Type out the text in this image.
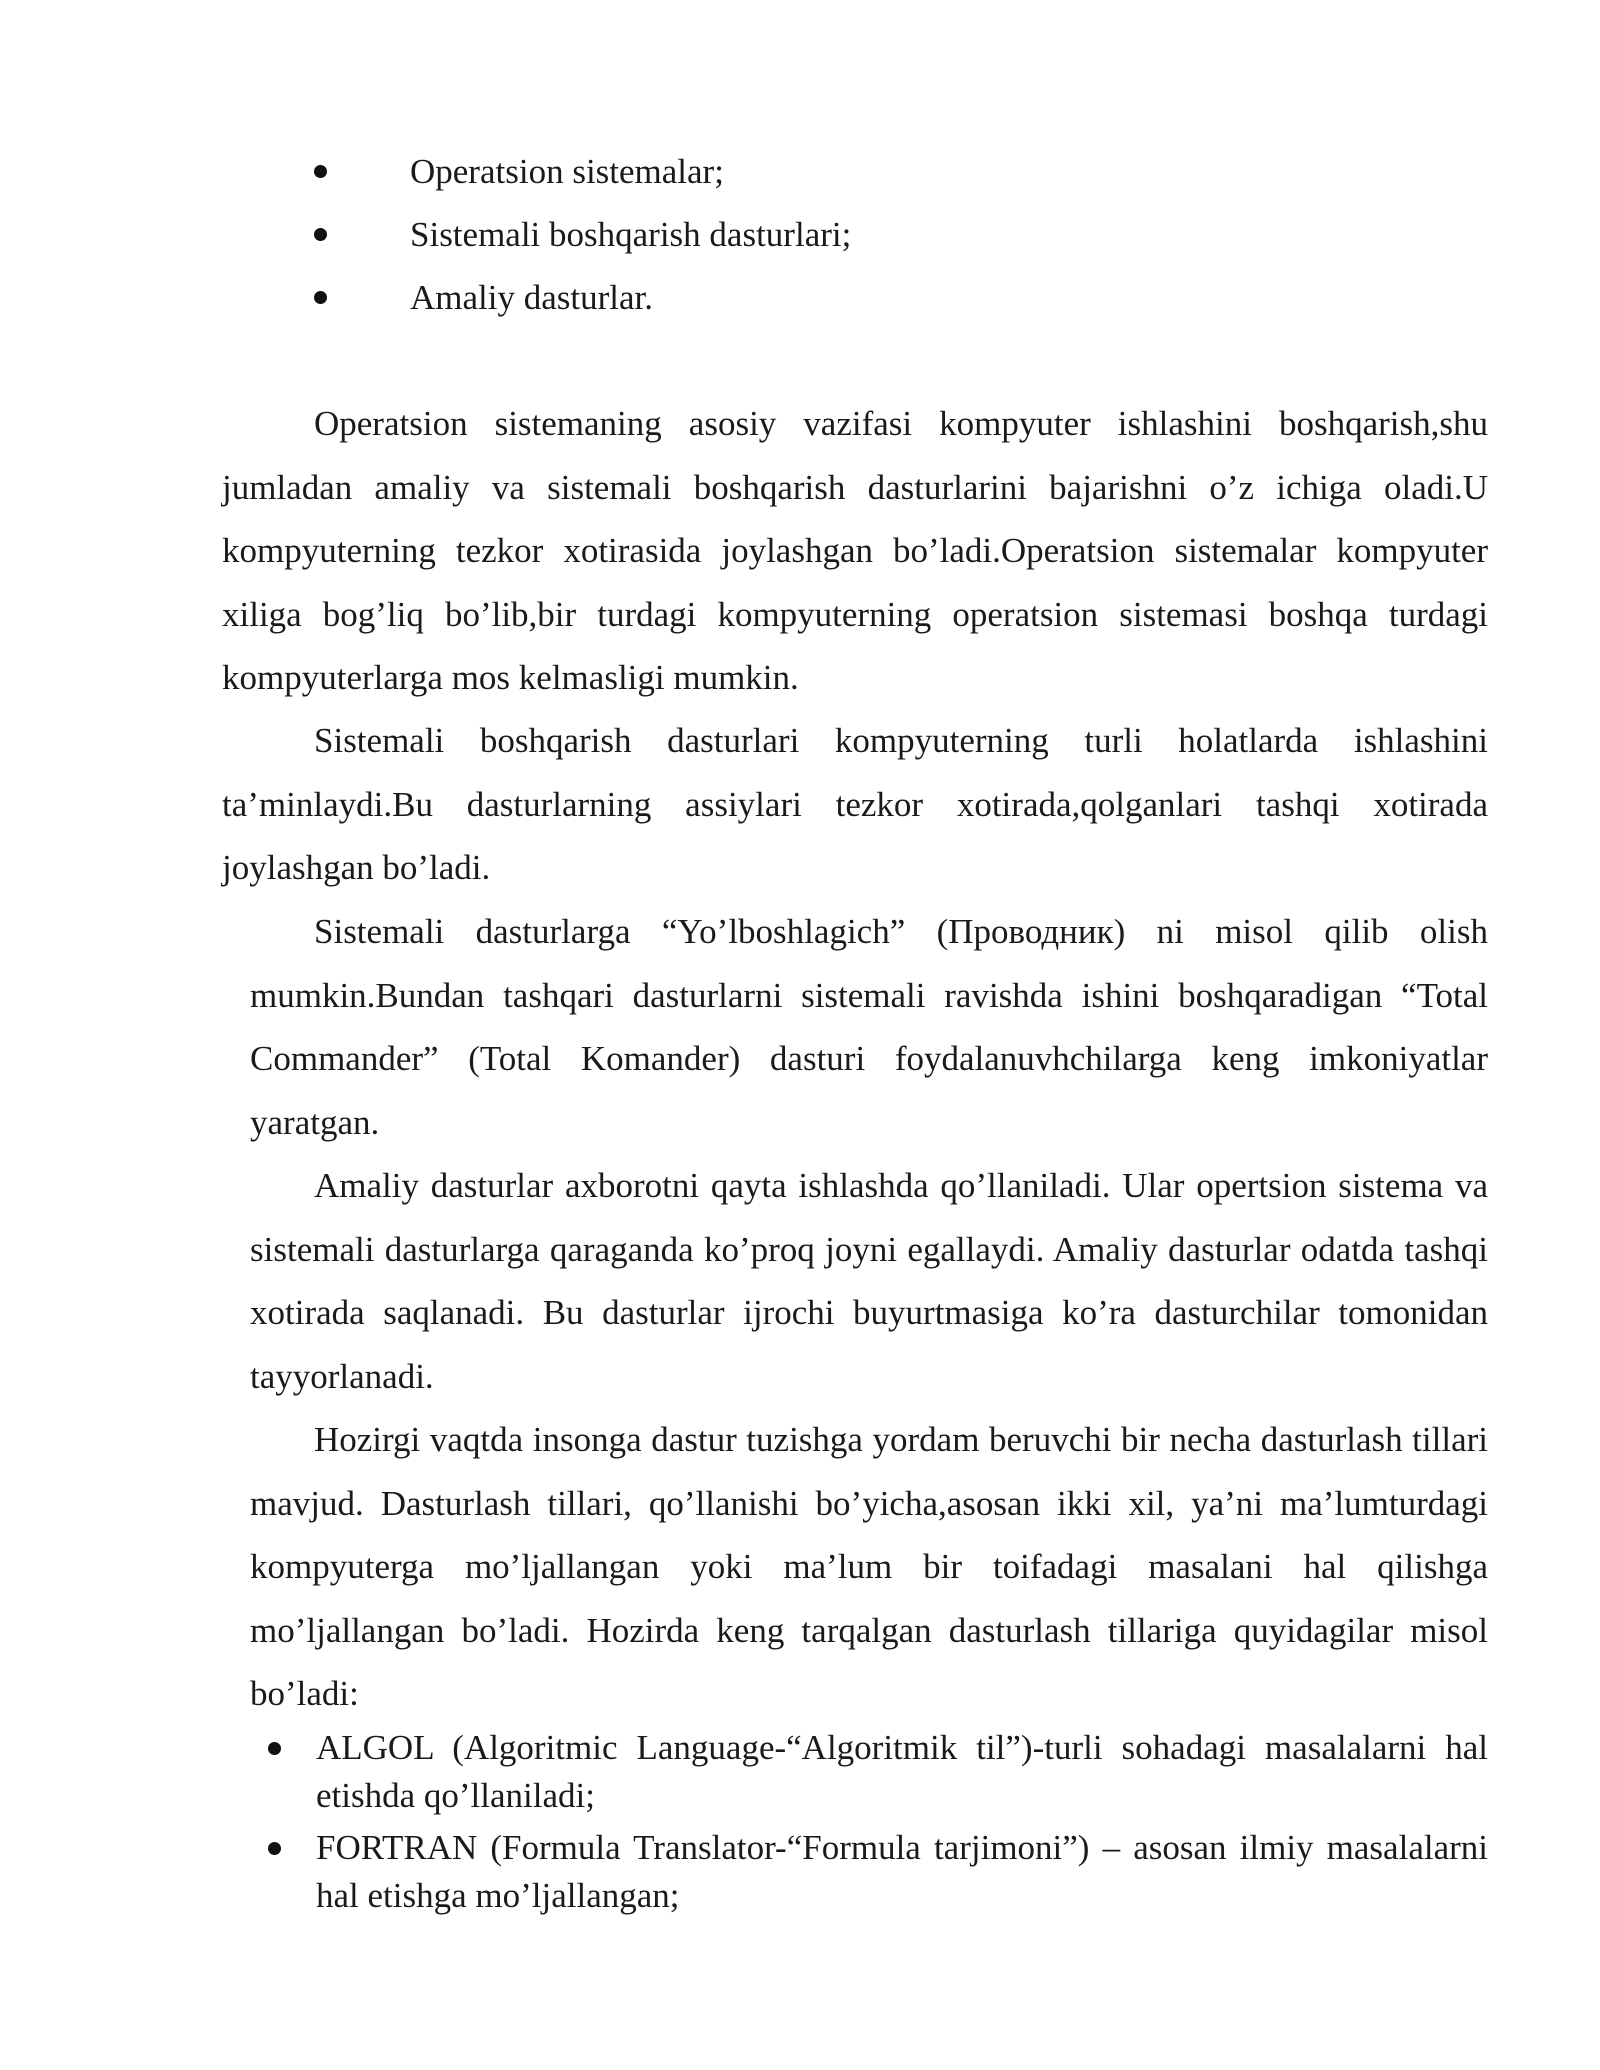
Operatsion sistemalar;
Sistemali boshqarish dasturlari;
Amaliy dasturlar.

Operatsion sistemaning asosiy vazifasi kompyuter ishlashini boshqarish,shu jumladan amaliy va sistemali boshqarish dasturlarini bajarishni o’z ichiga oladi.U kompyuterning tezkor xotirasida joylashgan bo’ladi.Operatsion sistemalar kompyuter xiliga bog’liq bo’lib,bir turdagi kompyuterning operatsion sistemasi boshqa turdagi kompyuterlarga mos kelmasligi mumkin.

Sistemali boshqarish dasturlari kompyuterning turli holatlarda ishlashini ta’minlaydi.Bu dasturlarning assiylari tezkor xotirada,qolganlari tashqi xotirada joylashgan bo’ladi.

Sistemali dasturlarga “Yo’lboshlagich” (Проводник) ni misol qilib olish mumkin.Bundan tashqari dasturlarni sistemali ravishda ishini boshqaradigan “Total Commander” (Total Komander) dasturi foydalanuvhchilarga keng imkoniyatlar yaratgan.

Amaliy dasturlar axborotni qayta ishlashda qo’llaniladi. Ular opertsion sistema va sistemali dasturlarga qaraganda ko’proq joyni egallaydi. Amaliy dasturlar odatda tashqi xotirada saqlanadi. Bu dasturlar ijrochi buyurtmasiga ko’ra dasturchilar tomonidan tayyorlanadi.

Hozirgi vaqtda insonga dastur tuzishga yordam beruvchi bir necha dasturlash tillari mavjud. Dasturlash tillari, qo’llanishi bo’yicha,asosan ikki xil, ya’ni ma’lumturdagi kompyuterga mo’ljallangan yoki ma’lum bir toifadagi masalani hal qilishga mo’ljallangan bo’ladi. Hozirda keng tarqalgan dasturlash tillariga quyidagilar misol bo’ladi:

ALGOL (Algoritmic Language-“Algoritmik til”)-turli sohadagi masalalarni hal etishda qo’llaniladi;
FORTRAN (Formula Translator-“Formula tarjimoni”) – asosan ilmiy masalalarni hal etishga mo’ljallangan;
